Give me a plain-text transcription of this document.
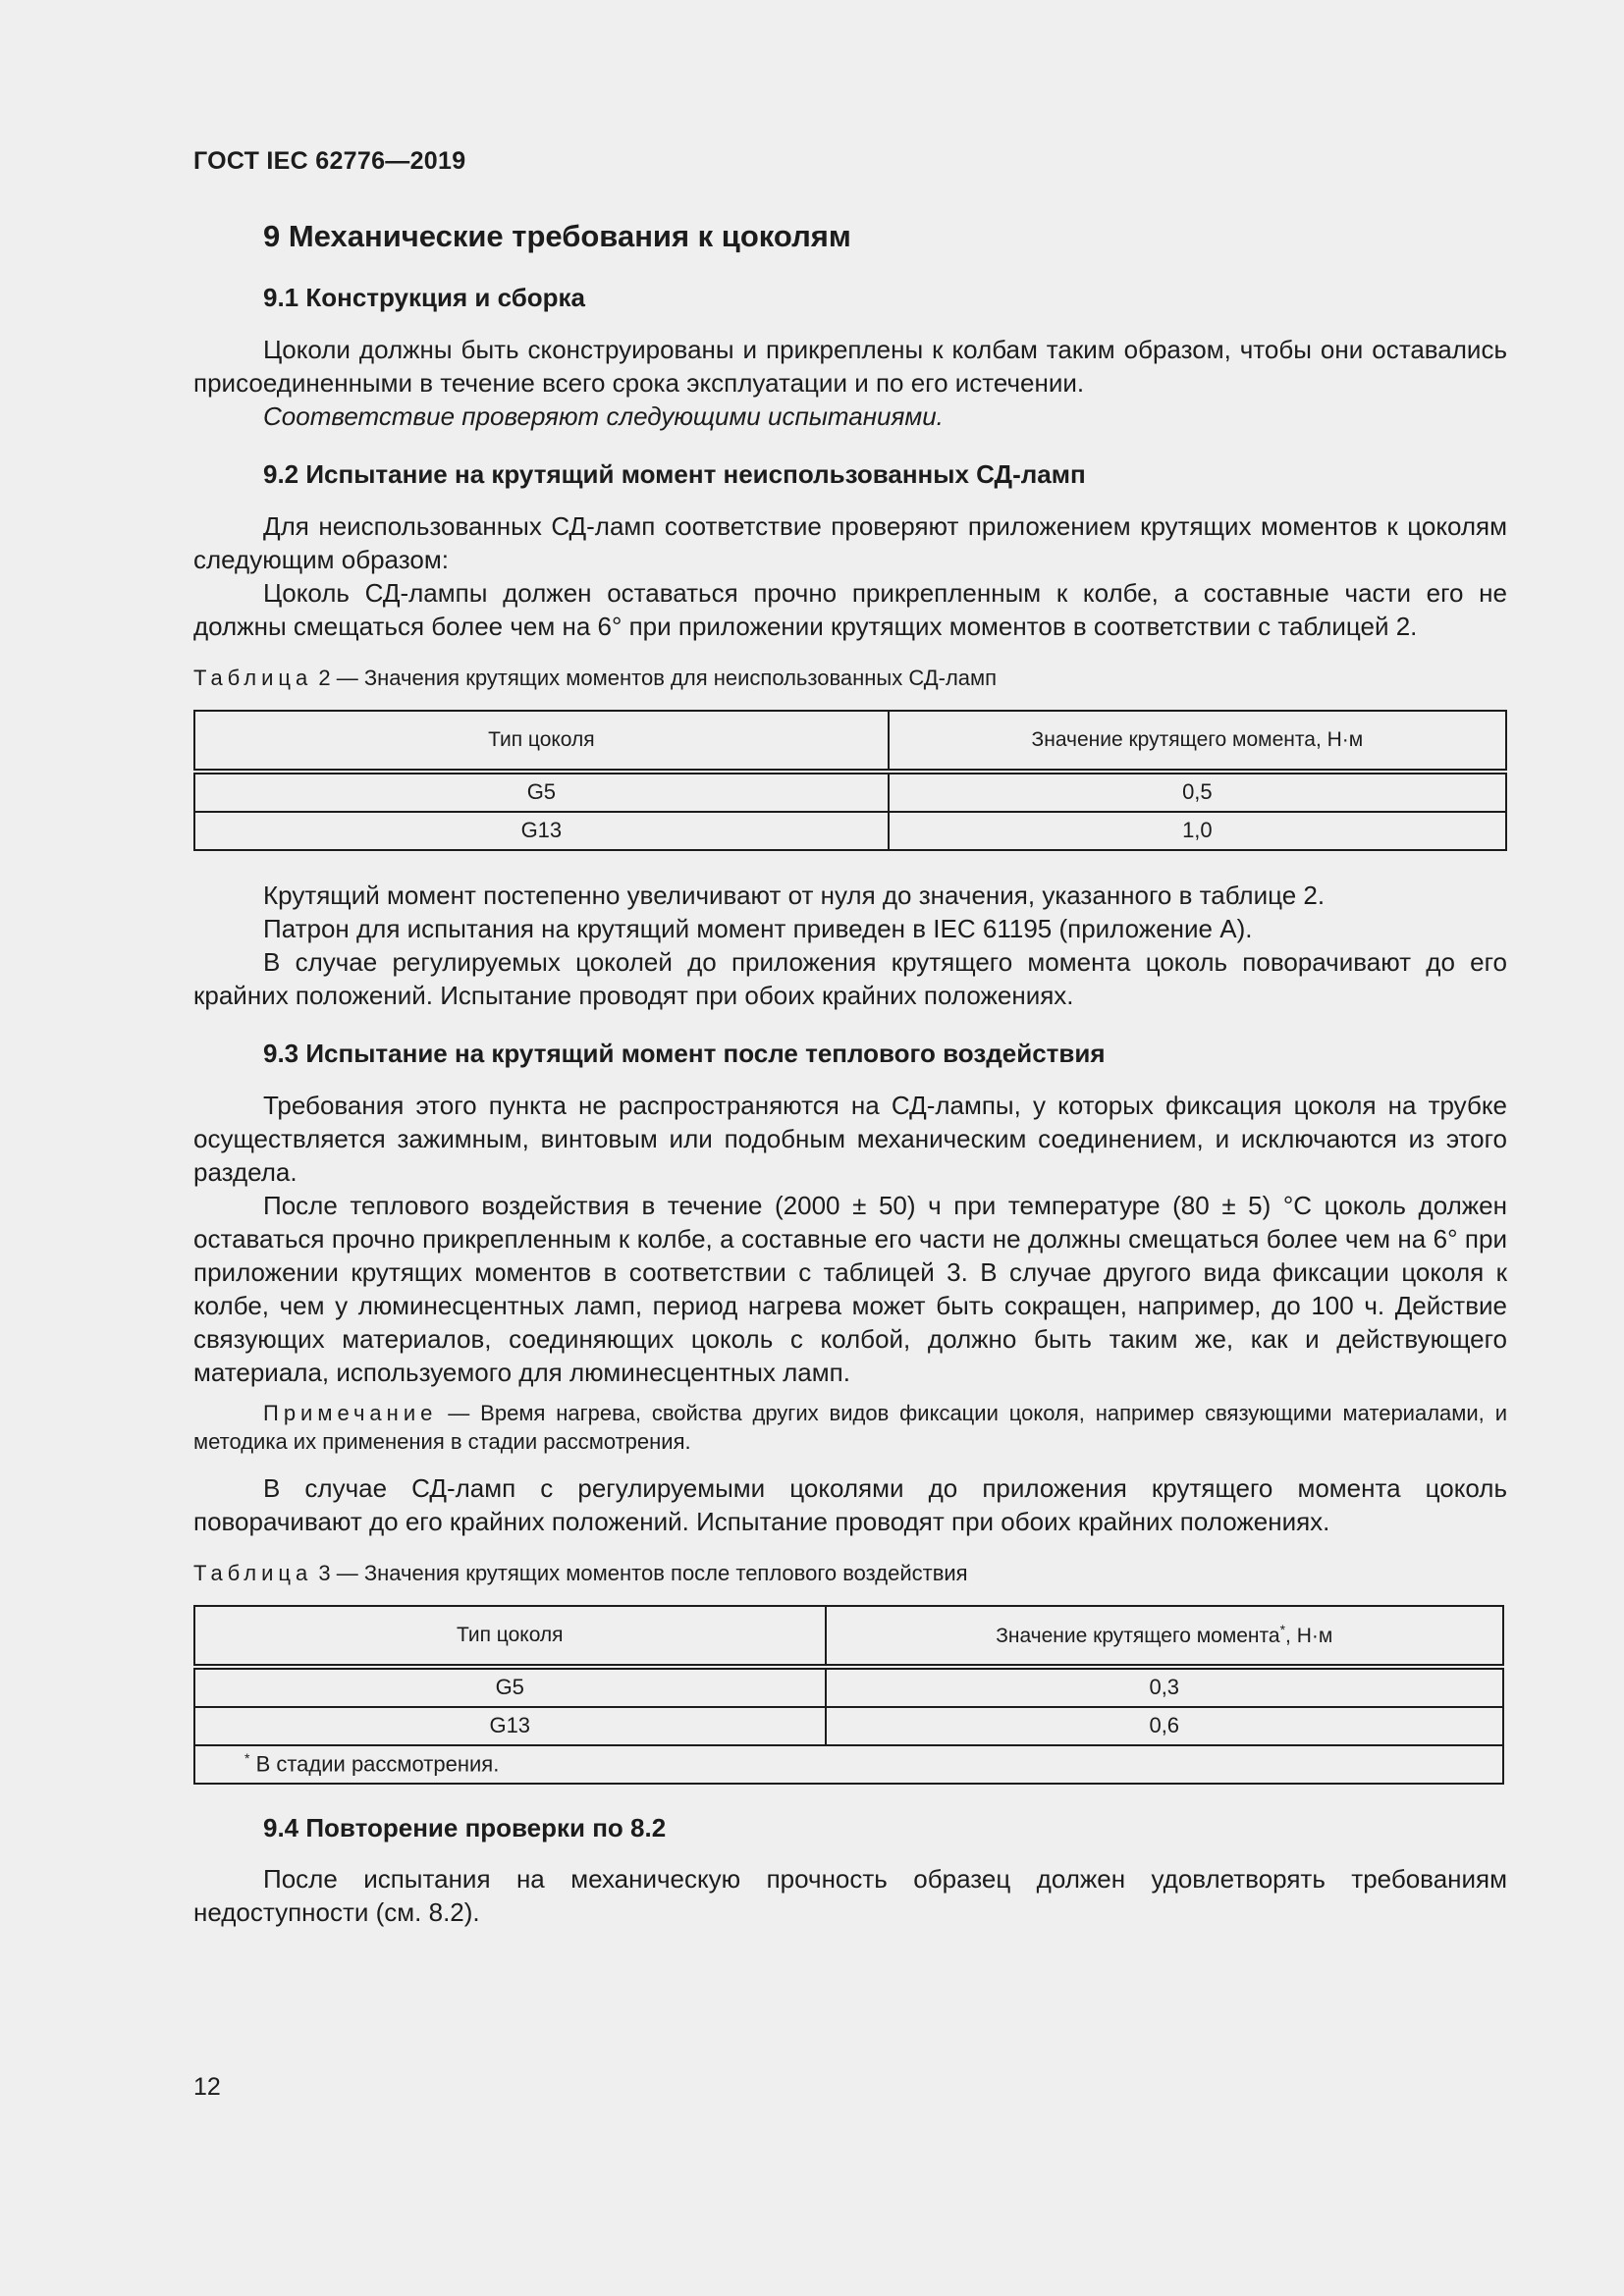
ГОСТ IEC 62776—2019
9 Механические требования к цоколям
9.1 Конструкция и сборка

Цоколи должны быть сконструированы и прикреплены к колбам таким образом, чтобы они оставались присоединенными в течение всего срока эксплуатации и по его истечении.

Соответствие проверяют следующими испытаниями.

9.2 Испытание на крутящий момент неиспользованных СД-ламп

Для неиспользованных СД-ламп соответствие проверяют приложением крутящих моментов к цоколям следующим образом:

Цоколь СД-лампы должен оставаться прочно прикрепленным к колбе, а составные части его не должны смещаться более чем на 6° при приложении крутящих моментов в соответствии с таблицей 2.

Таблица 2 — Значения крутящих моментов для неиспользованных СД-ламп
Тип цоколя	Значение крутящего момента, Н·м
G5	0,5
G13	1,0

Крутящий момент постепенно увеличивают от нуля до значения, указанного в таблице 2.

Патрон для испытания на крутящий момент приведен в IEC 61195 (приложение А).

В случае регулируемых цоколей до приложения крутящего момента цоколь поворачивают до его крайних положений. Испытание проводят при обоих крайних положениях.

9.3 Испытание на крутящий момент после теплового воздействия

Требования этого пункта не распространяются на СД-лампы, у которых фиксация цоколя на трубке осуществляется зажимным, винтовым или подобным механическим соединением, и исключаются из этого раздела.

После теплового воздействия в течение (2000 ± 50) ч при температуре (80 ± 5) °С цоколь должен оставаться прочно прикрепленным к колбе, а составные его части не должны смещаться более чем на 6° при приложении крутящих моментов в соответствии с таблицей 3. В случае другого вида фиксации цоколя к колбе, чем у люминесцентных ламп, период нагрева может быть сокращен, например, до 100 ч. Действие связующих материалов, соединяющих цоколь с колбой, должно быть таким же, как и действующего материала, используемого для люминесцентных ламп.

Примечание — Время нагрева, свойства других видов фиксации цоколя, например связующими материалами, и методика их применения в стадии рассмотрения.

В случае СД-ламп с регулируемыми цоколями до приложения крутящего момента цоколь поворачивают до его крайних положений. Испытание проводят при обоих крайних положениях.

Таблица 3 — Значения крутящих моментов после теплового воздействия
Тип цоколя	Значение крутящего момента*, Н·м
G5	0,3
G13	0,6
* В стадии рассмотрения.	
9.4 Повторение проверки по 8.2

После испытания на механическую прочность образец должен удовлетворять требованиям недоступности (см. 8.2).

12
